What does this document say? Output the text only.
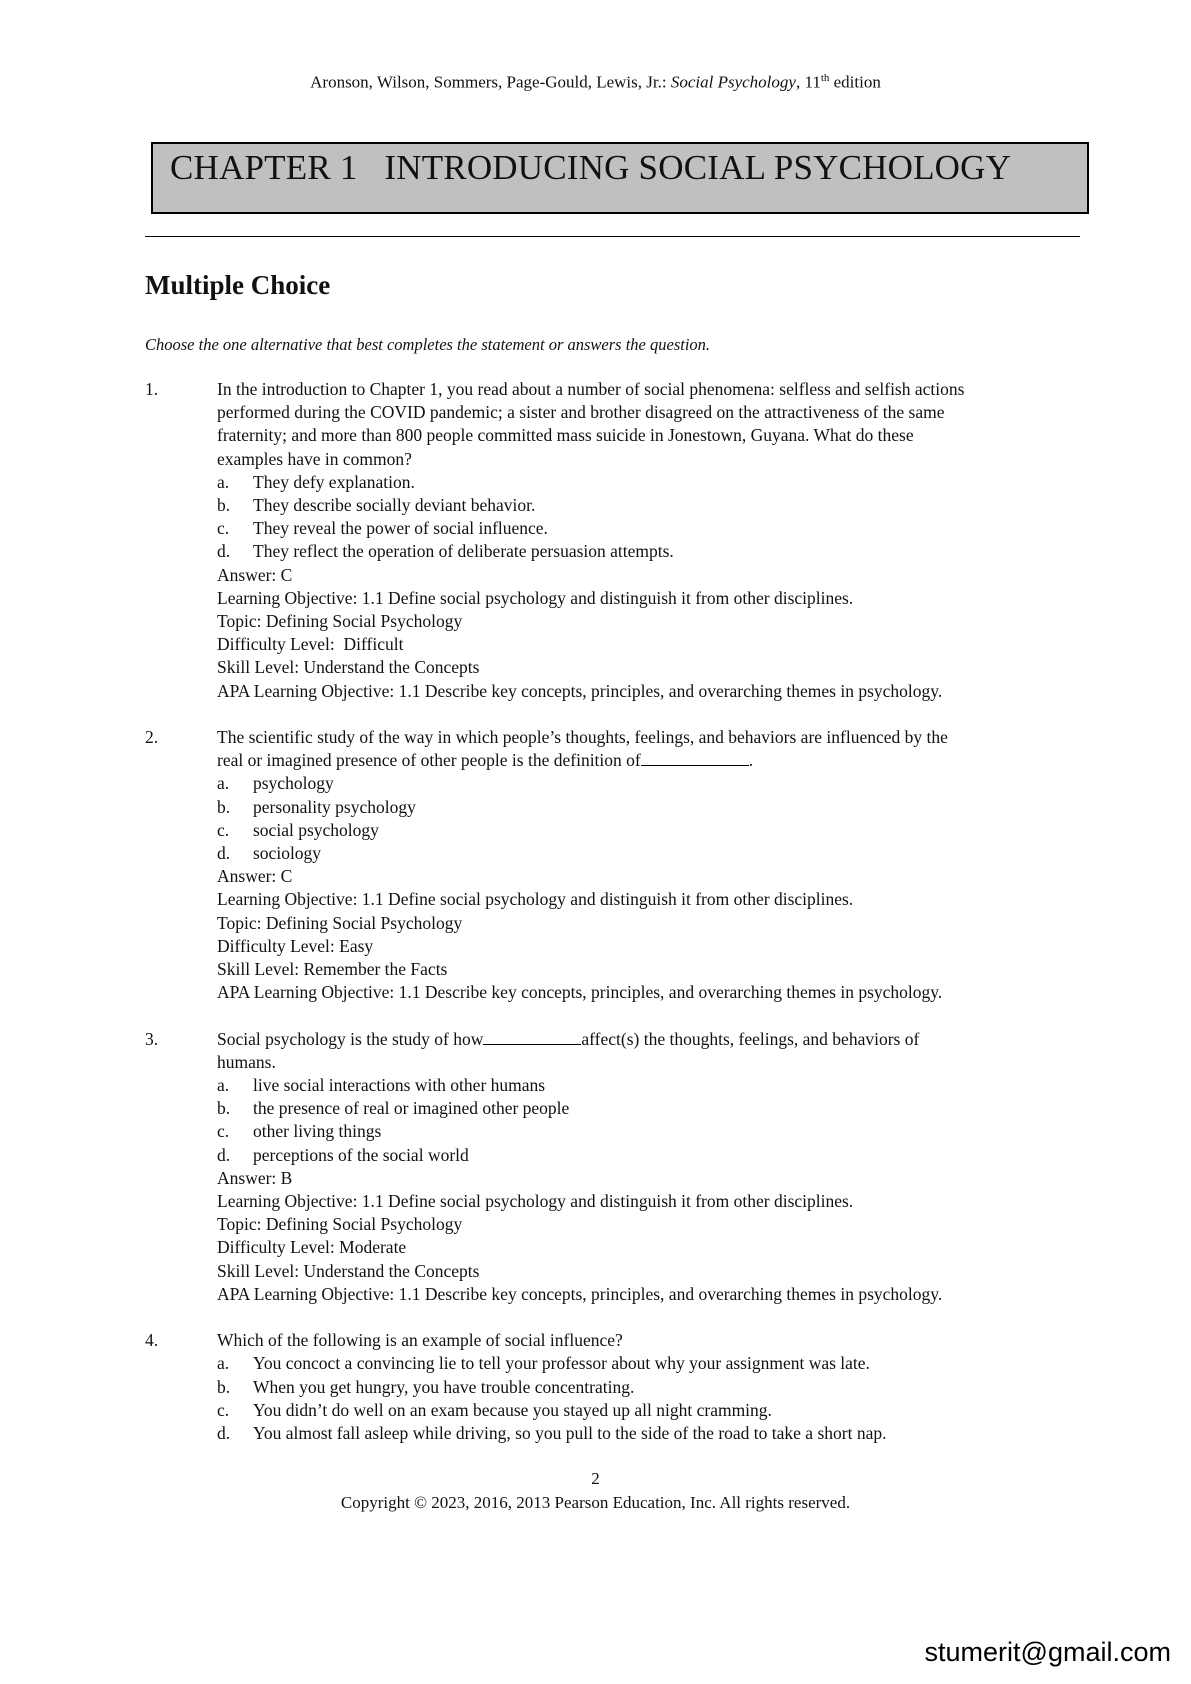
Aronson, Wilson, Sommers, Page-Gould, Lewis, Jr.: Social Psychology, 11th edition
CHAPTER 1   INTRODUCING SOCIAL PSYCHOLOGY
Multiple Choice
Choose the one alternative that best completes the statement or answers the question.
1.	In the introduction to Chapter 1, you read about a number of social phenomena: selfless and selfish actions
performed during the COVID pandemic; a sister and brother disagreed on the attractiveness of the same
fraternity; and more than 800 people committed mass suicide in Jonestown, Guyana. What do these
examples have in common?
a.	They defy explanation.
b.	They describe socially deviant behavior.
c.	They reveal the power of social influence.
d.	They reflect the operation of deliberate persuasion attempts.
Answer: C
Learning Objective: 1.1 Define social psychology and distinguish it from other disciplines.
Topic: Defining Social Psychology
Difficulty Level:  Difficult
Skill Level: Understand the Concepts
APA Learning Objective: 1.1 Describe key concepts, principles, and overarching themes in psychology.
2.	The scientific study of the way in which people’s thoughts, feelings, and behaviors are influenced by the
real or imagined presence of other people is the definition of	.
a.	psychology
b.	personality psychology
c.	social psychology
d.	sociology
Answer: C
Learning Objective: 1.1 Define social psychology and distinguish it from other disciplines.
Topic: Defining Social Psychology
Difficulty Level: Easy
Skill Level: Remember the Facts
APA Learning Objective: 1.1 Describe key concepts, principles, and overarching themes in psychology.
3.	Social psychology is the study of how	affect(s) the thoughts, feelings, and behaviors of
humans.
a.	live social interactions with other humans
b.	the presence of real or imagined other people
c.	other living things
d.	perceptions of the social world
Answer: B
Learning Objective: 1.1 Define social psychology and distinguish it from other disciplines.
Topic: Defining Social Psychology
Difficulty Level: Moderate
Skill Level: Understand the Concepts
APA Learning Objective: 1.1 Describe key concepts, principles, and overarching themes in psychology.
4.	Which of the following is an example of social influence?
a.	You concoct a convincing lie to tell your professor about why your assignment was late.
b.	When you get hungry, you have trouble concentrating.
c.	You didn’t do well on an exam because you stayed up all night cramming.
d.	You almost fall asleep while driving, so you pull to the side of the road to take a short nap.
2
Copyright © 2023, 2016, 2013 Pearson Education, Inc. All rights reserved.
stumerit@gmail.com
